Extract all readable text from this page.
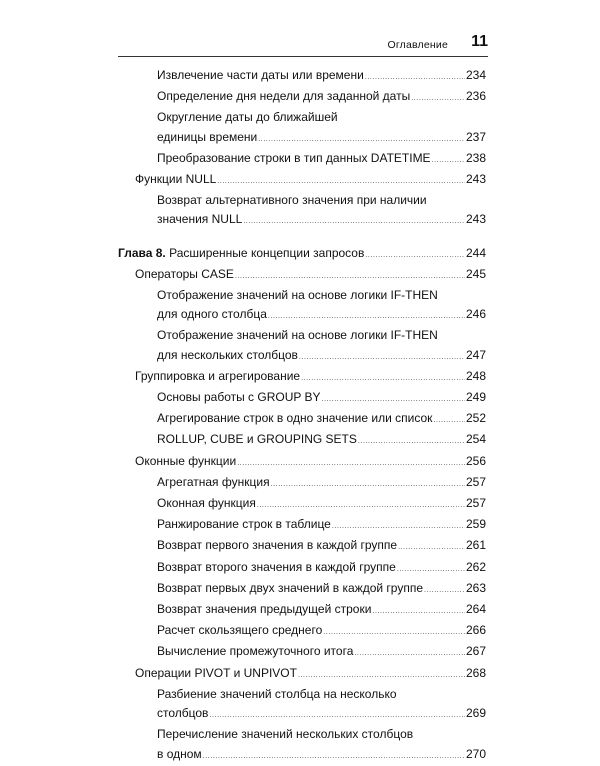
Оглавление 11
Извлечение части даты или времени .....	234
Определение дня недели для заданной даты .....	236
Округление даты до ближайшей
единицы времени .....	237
Преобразование строки в тип данных DATETIME .....	238
Функции NULL .....	243
Возврат альтернативного значения при наличии
значения NULL .....	243
Глава 8. Расширенные концепции запросов .....	244
Операторы CASE .....	245
Отображение значений на основе логики IF-THEN
для одного столбца .....	246
Отображение значений на основе логики IF-THEN
для нескольких столбцов .....	247
Группировка и агрегирование .....	248
Основы работы с GROUP BY .....	249
Агрегирование строк в одно значение или список .....	252
ROLLUP, CUBE и GROUPING SETS .....	254
Оконные функции .....	256
Агрегатная функция .....	257
Оконная функция .....	257
Ранжирование строк в таблице .....	259
Возврат первого значения в каждой группе .....	261
Возврат второго значения в каждой группе .....	262
Возврат первых двух значений в каждой группе .....	263
Возврат значения предыдущей строки .....	264
Расчет скользящего среднего .....	266
Вычисление промежуточного итога .....	267
Операции PIVOT и UNPIVOT .....	268
Разбиение значений столбца на несколько
столбцов .....	269
Перечисление значений нескольких столбцов
в одном .....	270
